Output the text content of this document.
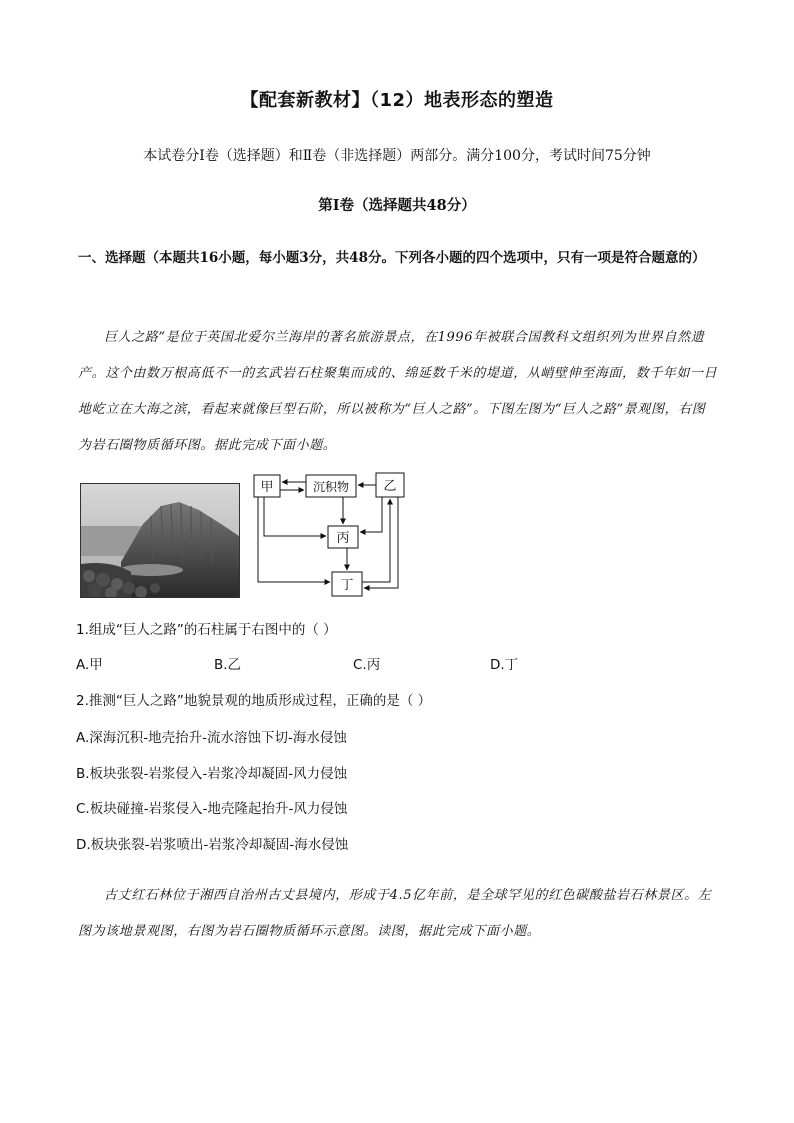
【配套新教材】（12）地表形态的塑造
本试卷分Ⅰ卷（选择题）和Ⅱ卷（非选择题）两部分。满分100分，考试时间75分钟
第Ⅰ卷（选择题共48分）
一、选择题（本题共16小题，每小题3分，共48分。下列各小题的四个选项中，只有一项是符合题意的）
巨人之路”是位于英国北爱尔兰海岸的著名旅游景点，在1996年被联合国教科文组织列为世界自然遗产。这个由数万根高低不一的玄武岩石柱聚集而成的、绵延数千米的堤道，从峭壁伸至海面，数千年如一日地屹立在大海之滨，看起来就像巨型石阶，所以被称为“巨人之路”。下图左图为“巨人之路”景观图，右图为岩石圈物质循环图。据此完成下面小题。
甲	沉积物	乙
丙
丁
1.组成“巨人之路”的石柱属于右图中的（ ）
A.甲	B.乙	C.丙	D.丁
2.推测“巨人之路”地貌景观的地质形成过程，正确的是（ ）
A.深海沉积-地壳抬升-流水溶蚀下切-海水侵蚀
B.板块张裂-岩浆侵入-岩浆冷却凝固-风力侵蚀
C.板块碰撞-岩浆侵入-地壳隆起抬升-风力侵蚀
D.板块张裂-岩浆喷出-岩浆冷却凝固-海水侵蚀
古丈红石林位于湘西自治州古丈县境内，形成于4.5亿年前，是全球罕见的红色碳酸盐岩石林景区。左图为该地景观图，右图为岩石圈物质循环示意图。读图，据此完成下面小题。
